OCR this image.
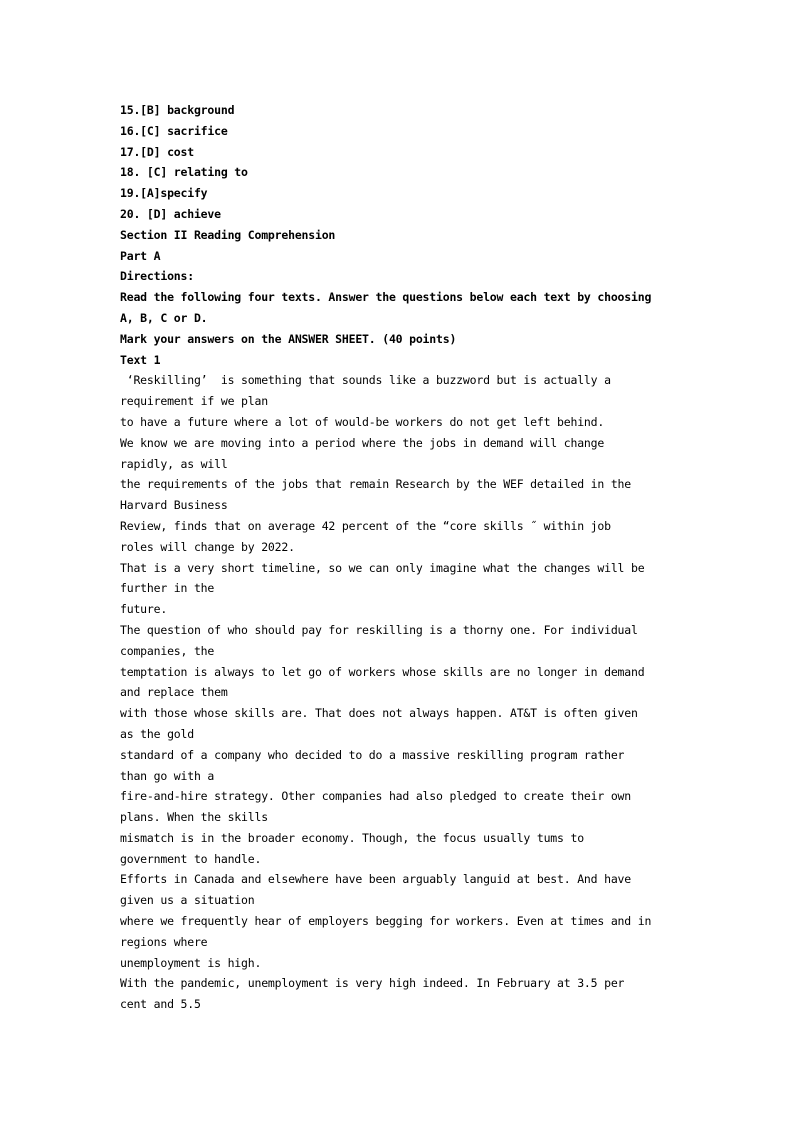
15.[B] background
16.[C] sacrifice
17.[D] cost
18. [C] relating to
19.[A]specify
20. [D] achieve
Section II Reading Comprehension
Part A
Directions:
Read the following four texts. Answer the questions below each text by choosing
A, B, C or D.
Mark your answers on the ANSWER SHEET. (40 points)
Text 1
‘Reskilling’  is something that sounds like a buzzword but is actually a
requirement if we plan
to have a future where a lot of would-be workers do not get left behind.
We know we are moving into a period where the jobs in demand will change
rapidly, as will
the requirements of the jobs that remain Research by the WEF detailed in the
Harvard Business
Review, finds that on average 42 percent of the “core skills ˝ within job
roles will change by 2022.
That is a very short timeline, so we can only imagine what the changes will be
further in the
future.
The question of who should pay for reskilling is a thorny one. For individual
companies, the
temptation is always to let go of workers whose skills are no longer in demand
and replace them
with those whose skills are. That does not always happen. AT&T is often given
as the gold
standard of a company who decided to do a massive reskilling program rather
than go with a
fire-and-hire strategy. Other companies had also pledged to create their own
plans. When the skills
mismatch is in the broader economy. Though, the focus usually tums to
government to handle.
Efforts in Canada and elsewhere have been arguably languid at best. And have
given us a situation
where we frequently hear of employers begging for workers. Even at times and in
regions where
unemployment is high.
With the pandemic, unemployment is very high indeed. In February at 3.5 per
cent and 5.5
